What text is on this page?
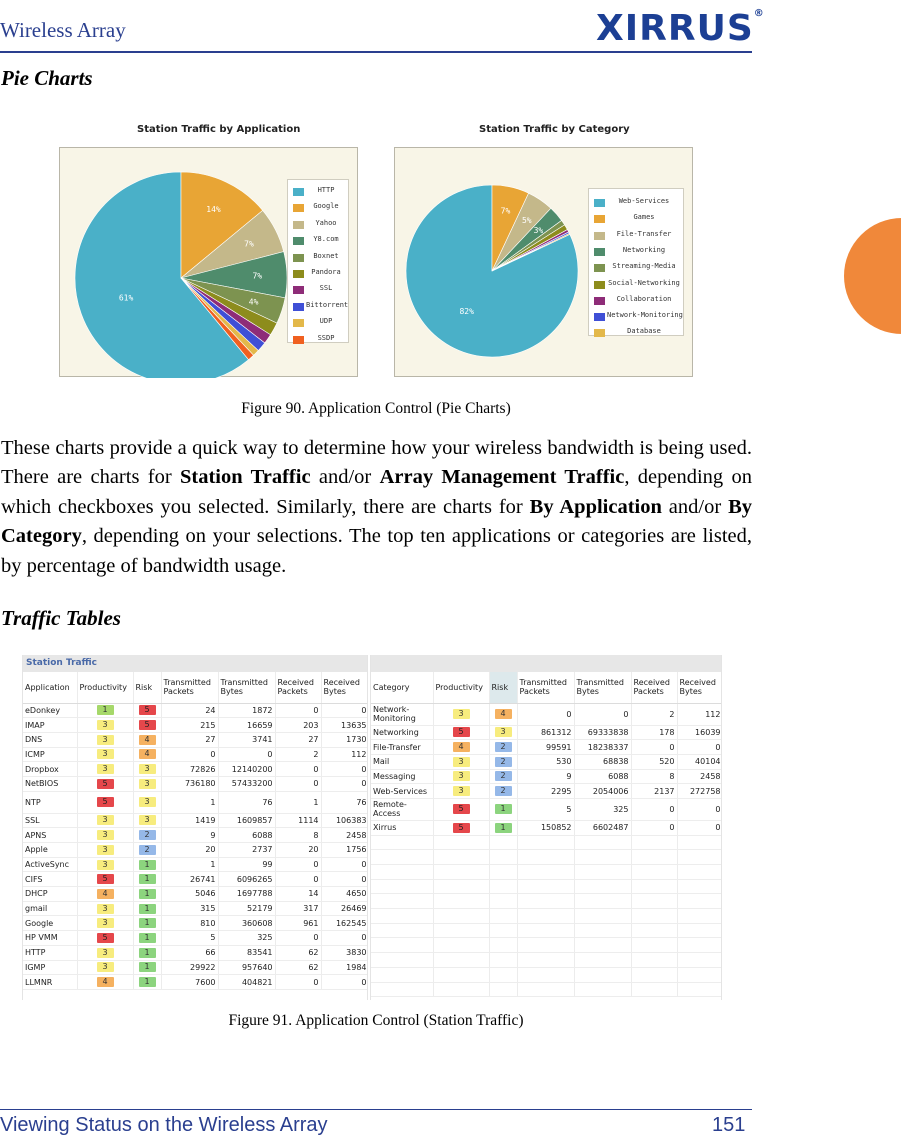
Wireless Array	XIRRUS®
Pie Charts
Station Traffic by Application
61%
14%
7%
7%
4%
HTTP
Google
Yahoo
Y8.com
Boxnet
Pandora
SSL
Bittorrent
UDP
SSDP
Station Traffic by Category
82%
7%
5%
3%
Web-Services
Games
File-Transfer
Networking
Streaming-Media
Social-Networking
Collaboration
Network-Monitoring
Database
Figure 90. Application Control (Pie Charts)
These charts provide a quick way to determine how your wireless bandwidth is being used. There are charts for Station Traffic and/or Array Management Traffic, depending on which checkboxes you selected. Similarly, there are charts for By Application and/or By Category, depending on your selections. The top ten applications or categories are listed, by percentage of bandwidth usage.
Traffic Tables
Station Traffic
Application	Productivity	Risk	Transmitted Packets	Transmitted Bytes	Received Packets	Received Bytes
eDonkey	1	5	24	1872	0	0
IMAP	3	5	215	16659	203	13635
DNS	3	4	27	3741	27	1730
ICMP	3	4	0	0	2	112
Dropbox	3	3	72826	12140200	0	0
NetBIOS	5	3	736180	57433200	0	0
NTP	5	3	1	76	1	76
SSL	3	3	1419	1609857	1114	106383
APNS	3	2	9	6088	8	2458
Apple	3	2	20	2737	20	1756
ActiveSync	3	1	1	99	0	0
CIFS	5	1	26741	6096265	0	0
DHCP	4	1	5046	1697788	14	4650
gmail	3	1	315	52179	317	26469
Google	3	1	810	360608	961	162545
HP VMM	5	1	5	325	0	0
HTTP	3	1	66	83541	62	3830
IGMP	3	1	29922	957640	62	1984
LLMNR	4	1	7600	404821	0	0
Category	Productivity	Risk	Transmitted Packets	Transmitted Bytes	Received Packets	Received Bytes
Network-Monitoring	3	4	0	0	2	112
Networking	5	3	861312	69333838	178	16039
File-Transfer	4	2	99591	18238337	0	0
Mail	3	2	530	68838	520	40104
Messaging	3	2	9	6088	8	2458
Web-Services	3	2	2295	2054006	2137	272758
Remote-Access	5	1	5	325	0	0
Xirrus	5	1	150852	6602487	0	0

Figure 91. Application Control (Station Traffic)
Viewing Status on the Wireless Array	151
